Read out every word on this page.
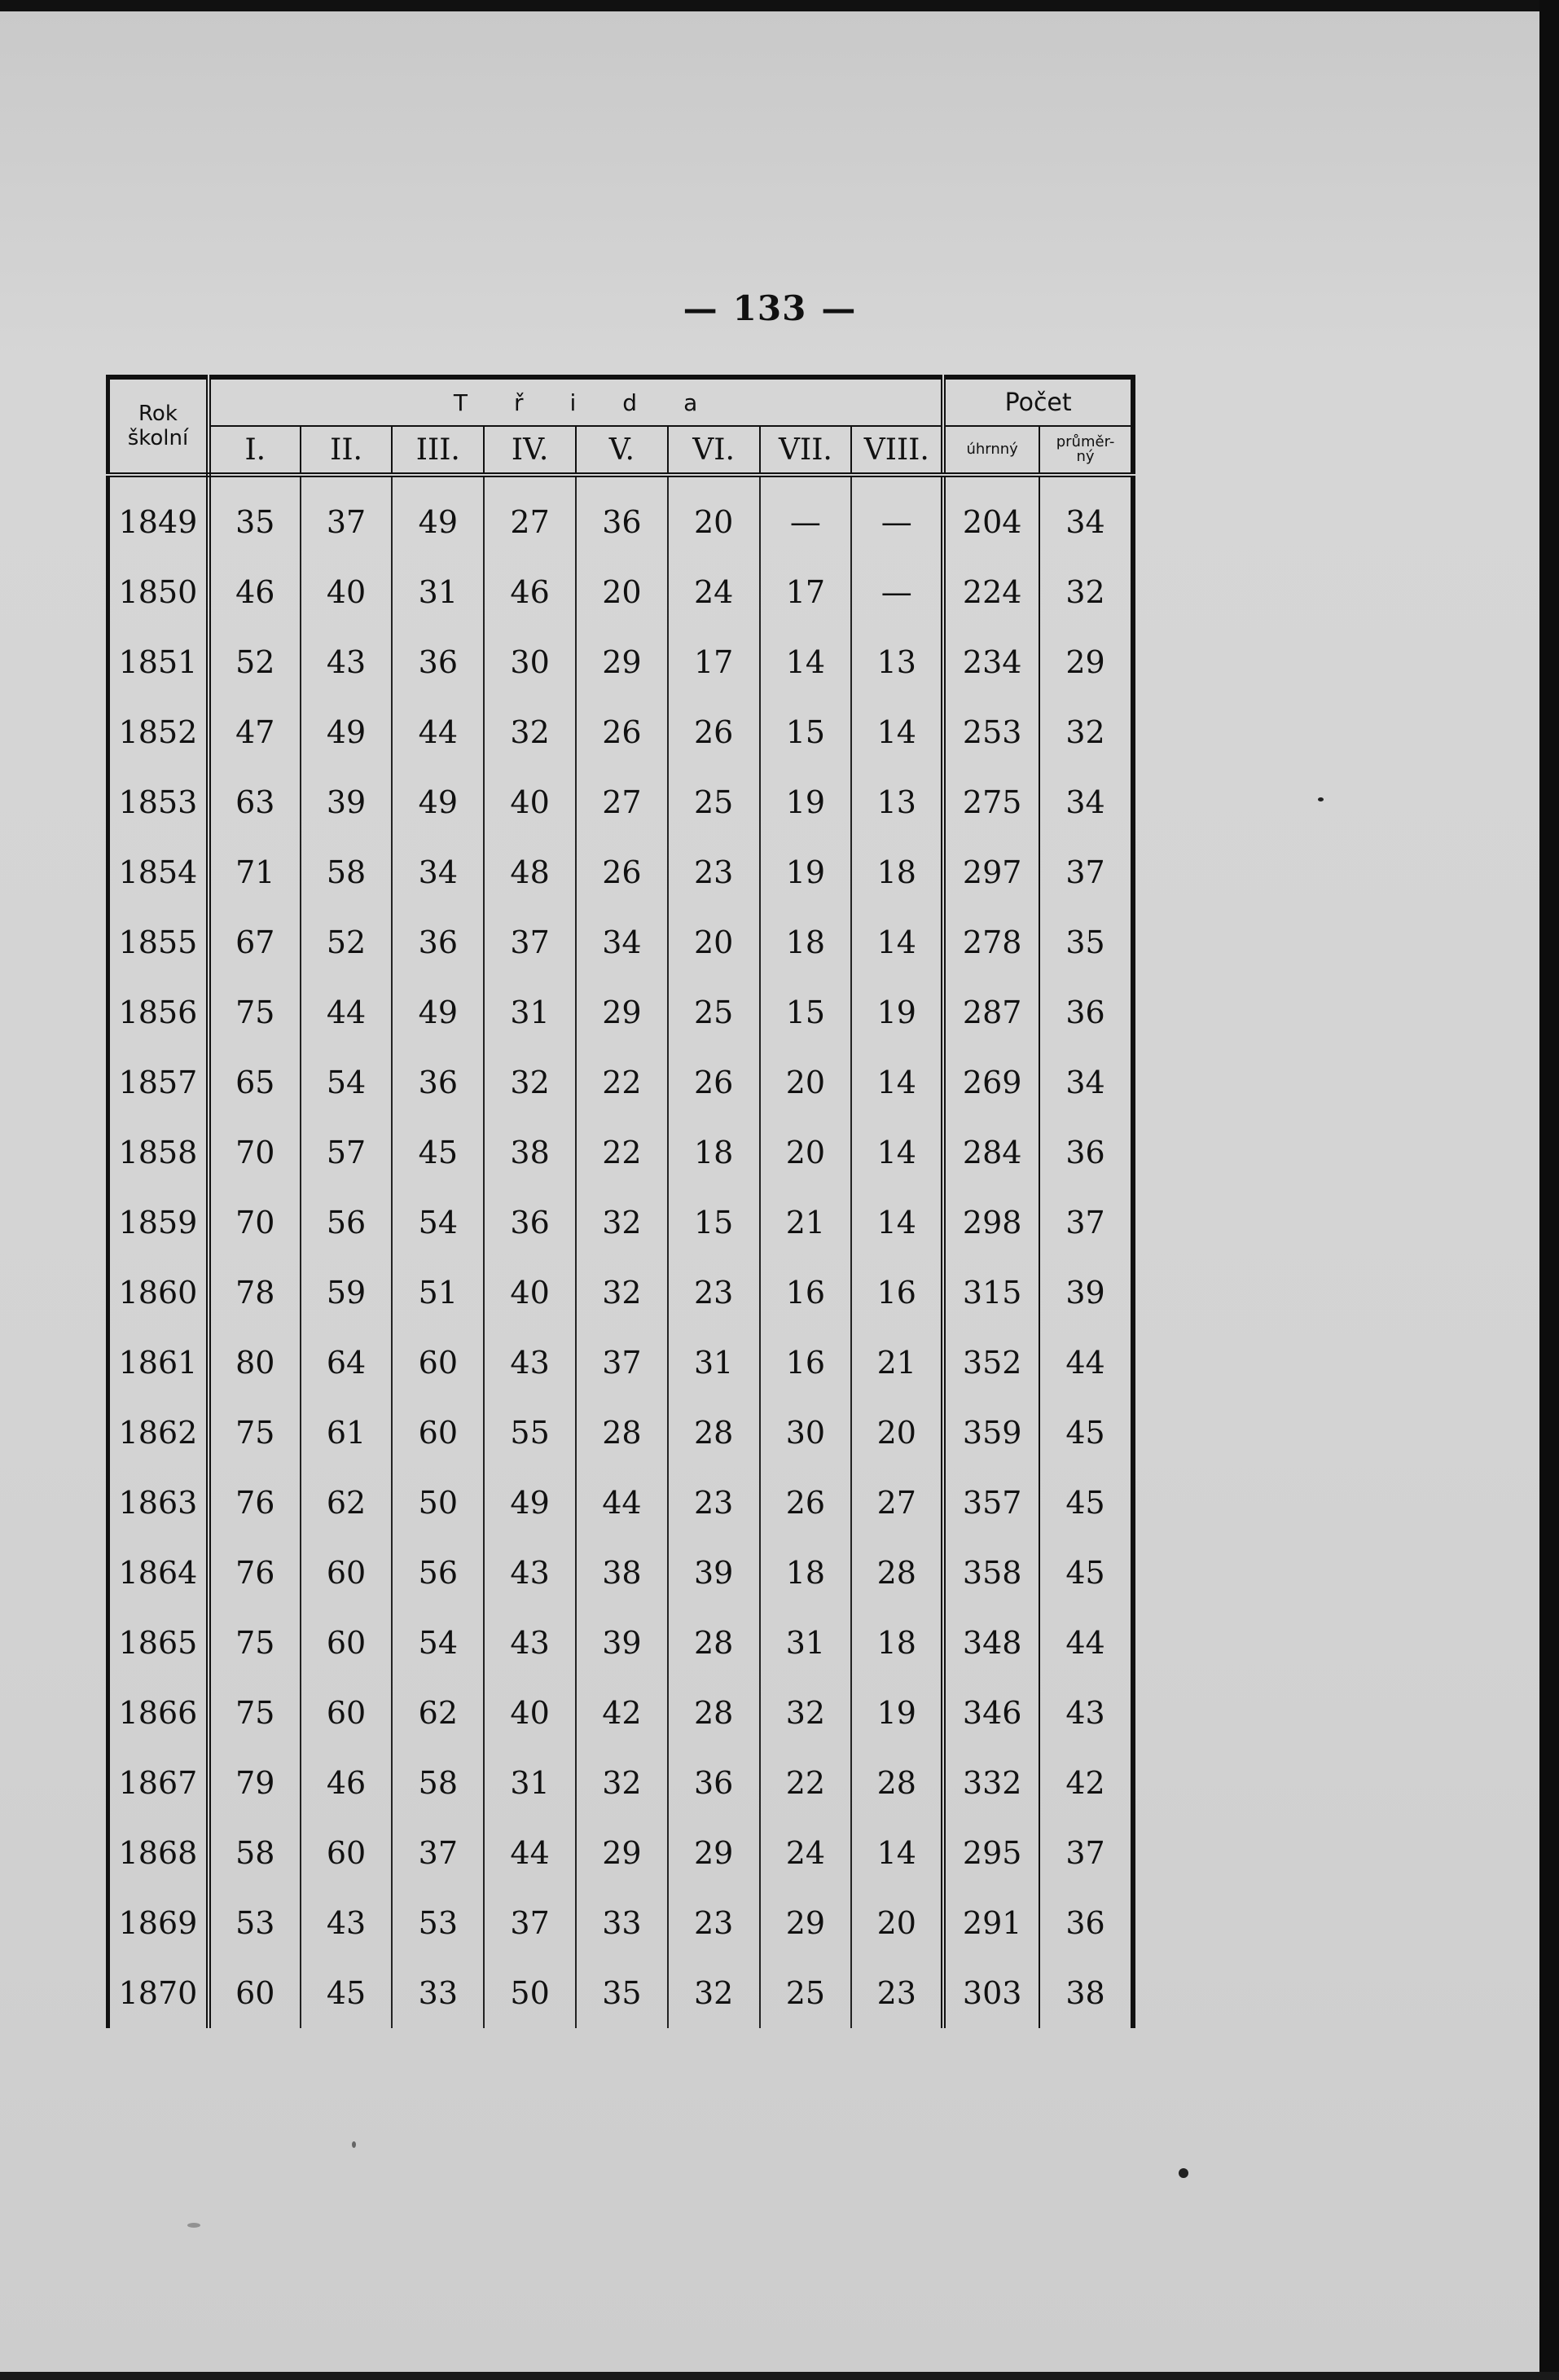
— 133 —
Rok
školní	T ř i d a								Počet	
	I.	II.	III.	IV.	V.	VI.	VII.	VIII.	úhrnný	průměr-
ný

1849	35	37	49	27	36	20	—	—	204	34
1850	46	40	31	46	20	24	17	—	224	32
1851	52	43	36	30	29	17	14	13	234	29
1852	47	49	44	32	26	26	15	14	253	32
1853	63	39	49	40	27	25	19	13	275	34
1854	71	58	34	48	26	23	19	18	297	37
1855	67	52	36	37	34	20	18	14	278	35
1856	75	44	49	31	29	25	15	19	287	36
1857	65	54	36	32	22	26	20	14	269	34
1858	70	57	45	38	22	18	20	14	284	36
1859	70	56	54	36	32	15	21	14	298	37
1860	78	59	51	40	32	23	16	16	315	39
1861	80	64	60	43	37	31	16	21	352	44
1862	75	61	60	55	28	28	30	20	359	45
1863	76	62	50	49	44	23	26	27	357	45
1864	76	60	56	43	38	39	18	28	358	45
1865	75	60	54	43	39	28	31	18	348	44
1866	75	60	62	40	42	28	32	19	346	43
1867	79	46	58	31	32	36	22	28	332	42
1868	58	60	37	44	29	29	24	14	295	37
1869	53	43	53	37	33	23	29	20	291	36
1870	60	45	33	50	35	32	25	23	303	38
